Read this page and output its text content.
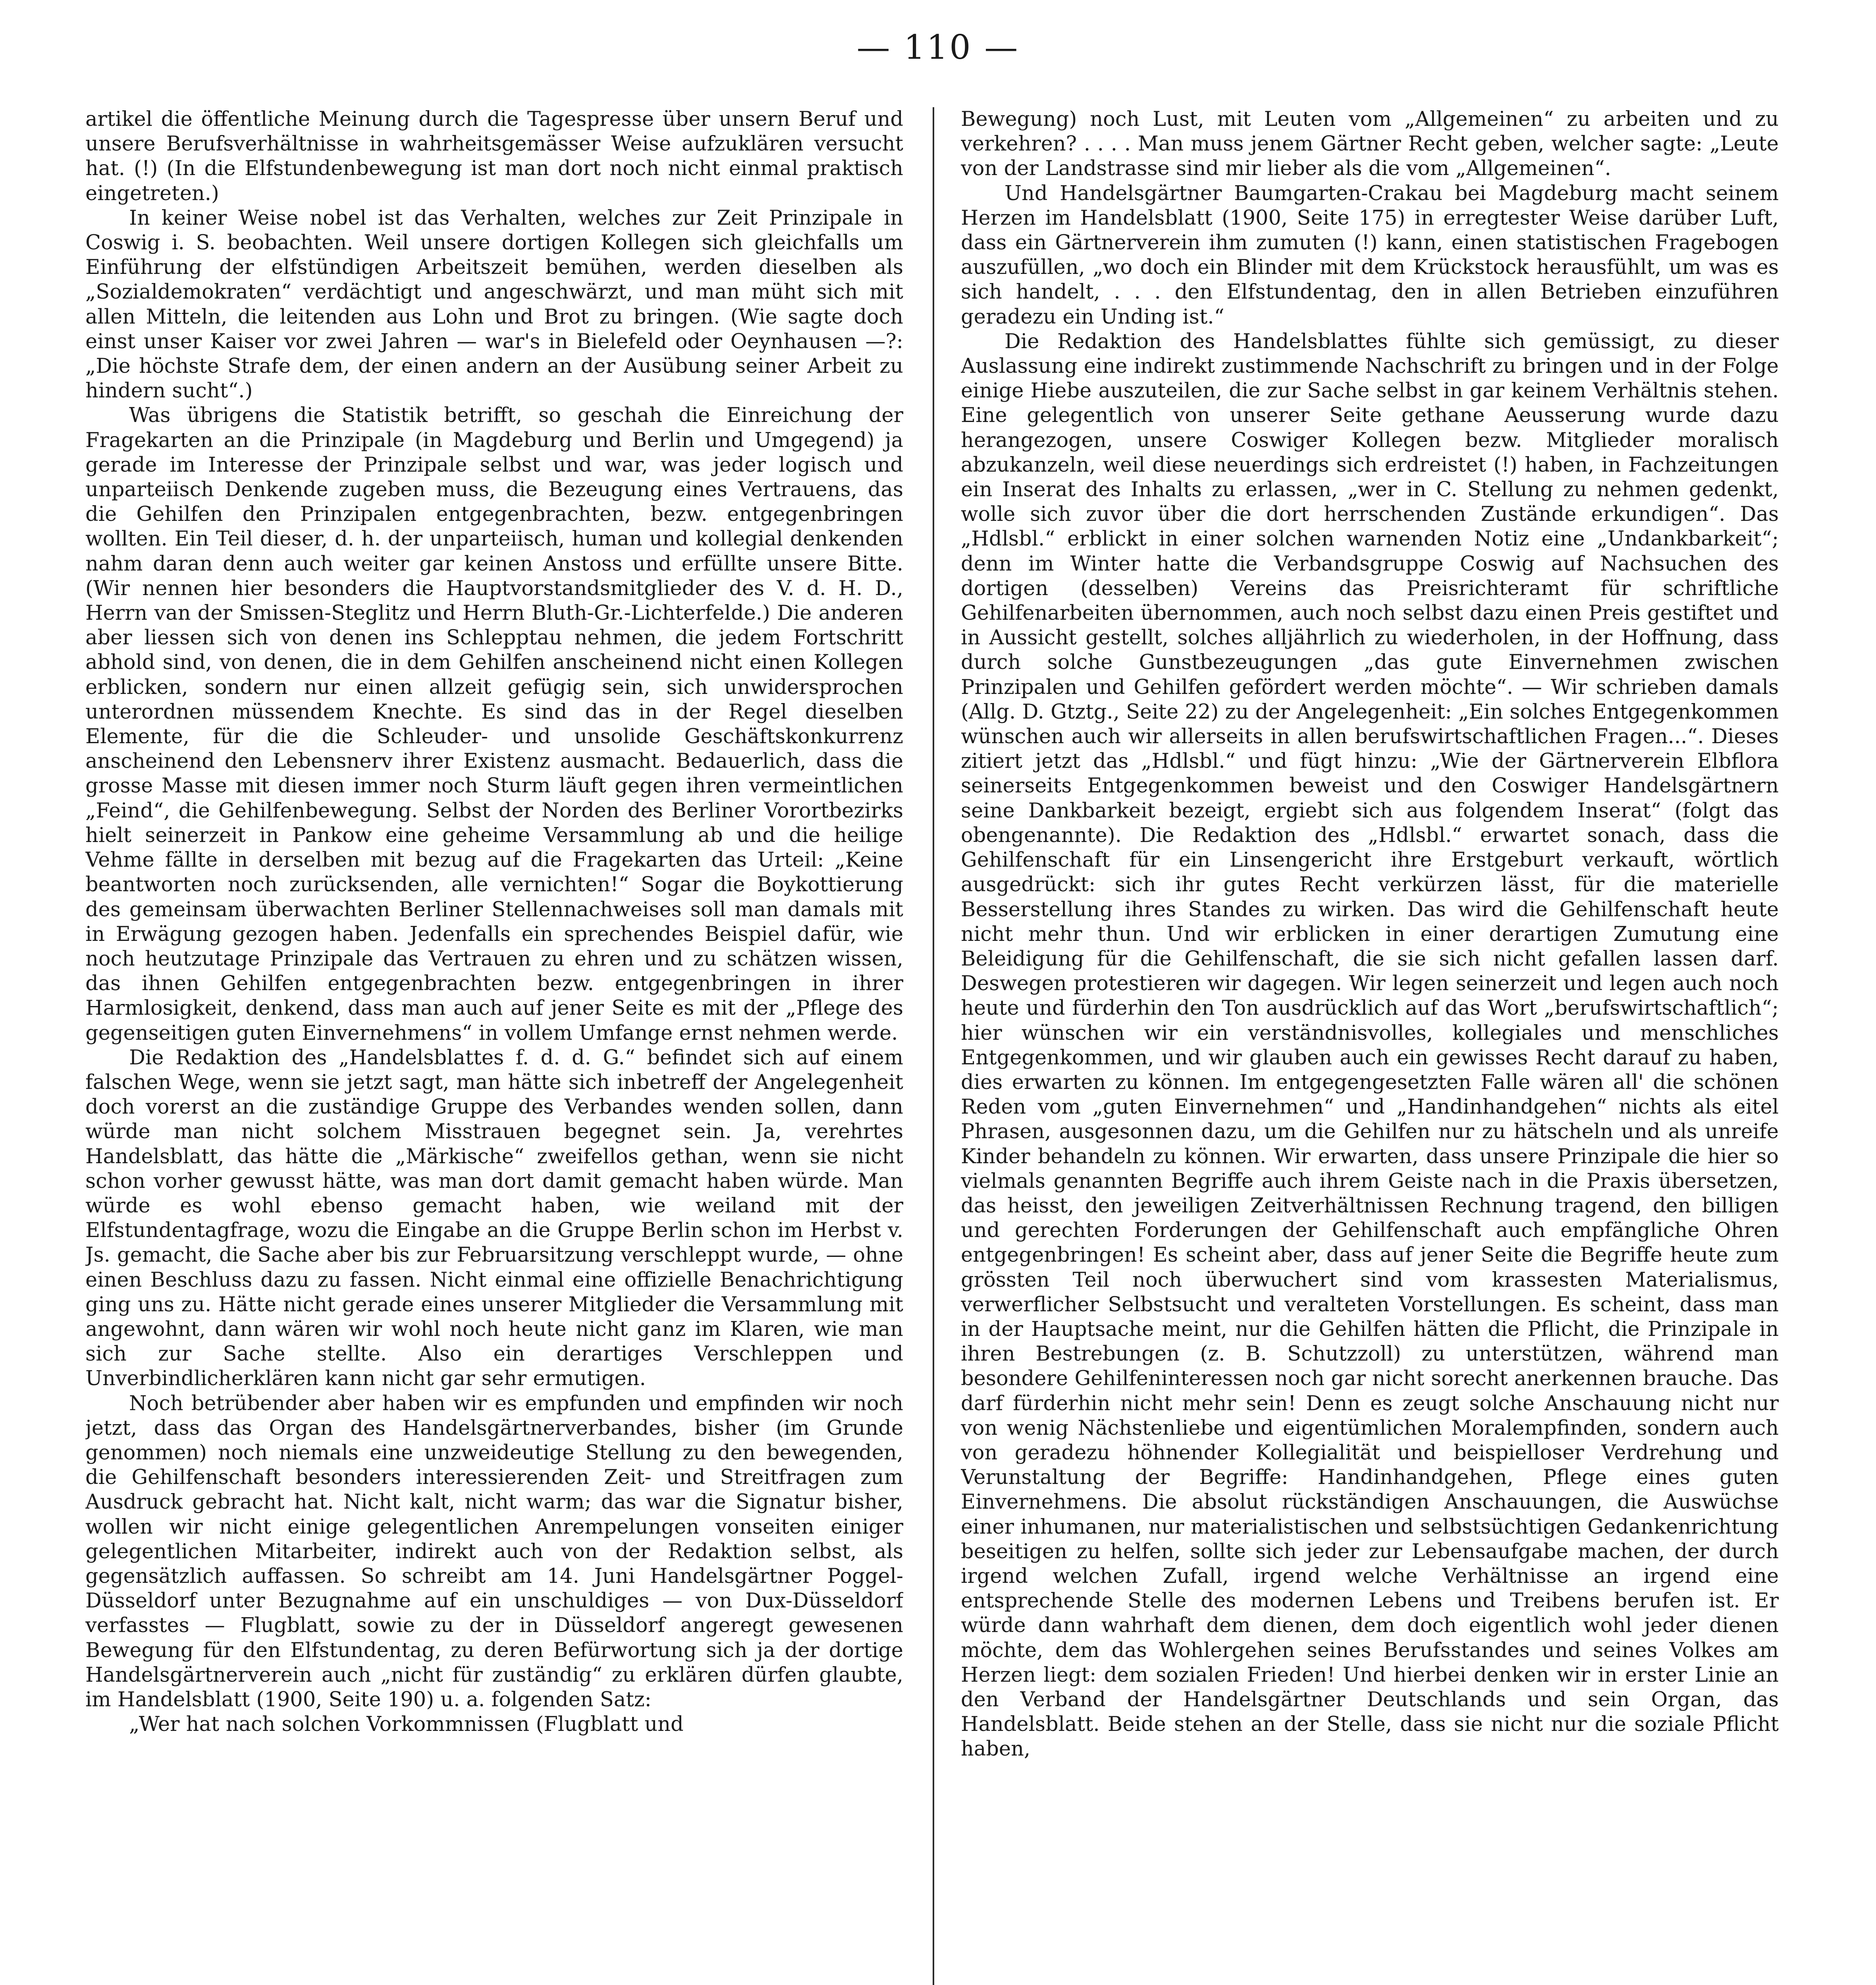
— 110 —

artikel die öffentliche Meinung durch die Tagespresse über unsern Beruf und unsere Berufsverhältnisse in wahrheitsgemässer Weise aufzuklären versucht hat. (!) (In die Elfstundenbewegung ist man dort noch nicht einmal praktisch eingetreten.)

In keiner Weise nobel ist das Verhalten, welches zur Zeit Prinzipale in Coswig i. S. beobachten. Weil unsere dortigen Kollegen sich gleichfalls um Einführung der elfstündigen Arbeitszeit bemühen, werden dieselben als „Sozialdemokraten“ verdächtigt und angeschwärzt, und man müht sich mit allen Mitteln, die leitenden aus Lohn und Brot zu bringen. (Wie sagte doch einst unser Kaiser vor zwei Jahren — war's in Bielefeld oder Oeynhausen —?: „Die höchste Strafe dem, der einen andern an der Ausübung seiner Arbeit zu hindern sucht“.)

Was übrigens die Statistik betrifft, so geschah die Einreichung der Fragekarten an die Prinzipale (in Magdeburg und Berlin und Umgegend) ja gerade im Interesse der Prinzipale selbst und war, was jeder logisch und unparteiisch Denkende zugeben muss, die Bezeugung eines Vertrauens, das die Gehilfen den Prinzipalen entgegenbrachten, bezw. entgegenbringen wollten. Ein Teil dieser, d. h. der unparteiisch, human und kollegial denkenden nahm daran denn auch weiter gar keinen Anstoss und erfüllte unsere Bitte. (Wir nennen hier besonders die Hauptvorstandsmitglieder des V. d. H. D., Herrn van der Smissen-Steglitz und Herrn Bluth-Gr.-Lichterfelde.) Die anderen aber liessen sich von denen ins Schlepptau nehmen, die jedem Fortschritt abhold sind, von denen, die in dem Gehilfen anscheinend nicht einen Kollegen erblicken, sondern nur einen allzeit gefügig sein, sich unwidersprochen unterordnen müssendem Knechte. Es sind das in der Regel dieselben Elemente, für die die Schleuder- und unsolide Geschäftskonkurrenz anscheinend den Lebensnerv ihrer Existenz ausmacht. Bedauerlich, dass die grosse Masse mit diesen immer noch Sturm läuft gegen ihren vermeintlichen „Feind“, die Gehilfenbewegung. Selbst der Norden des Berliner Vorortbezirks hielt seinerzeit in Pankow eine geheime Versammlung ab und die heilige Vehme fällte in derselben mit bezug auf die Fragekarten das Urteil: „Keine beantworten noch zurücksenden, alle vernichten!“ Sogar die Boykottierung des gemeinsam überwachten Berliner Stellennachweises soll man damals mit in Erwägung gezogen haben. Jedenfalls ein sprechendes Beispiel dafür, wie noch heutzutage Prinzipale das Vertrauen zu ehren und zu schätzen wissen, das ihnen Gehilfen entgegenbrachten bezw. entgegenbringen in ihrer Harmlosigkeit, denkend, dass man auch auf jener Seite es mit der „Pflege des gegenseitigen guten Einvernehmens“ in vollem Umfange ernst nehmen werde.

Die Redaktion des „Handelsblattes f. d. d. G.“ befindet sich auf einem falschen Wege, wenn sie jetzt sagt, man hätte sich inbetreff der Angelegenheit doch vorerst an die zuständige Gruppe des Verbandes wenden sollen, dann würde man nicht solchem Misstrauen begegnet sein. Ja, verehrtes Handelsblatt, das hätte die „Märkische“ zweifellos gethan, wenn sie nicht schon vorher gewusst hätte, was man dort damit gemacht haben würde. Man würde es wohl ebenso gemacht haben, wie weiland mit der Elfstundentagfrage, wozu die Eingabe an die Gruppe Berlin schon im Herbst v. Js. gemacht, die Sache aber bis zur Februarsitzung verschleppt wurde, — ohne einen Beschluss dazu zu fassen. Nicht einmal eine offizielle Benachrichtigung ging uns zu. Hätte nicht gerade eines unserer Mitglieder die Versammlung mit angewohnt, dann wären wir wohl noch heute nicht ganz im Klaren, wie man sich zur Sache stellte. Also ein derartiges Verschleppen und Unverbindlicherklären kann nicht gar sehr ermutigen.

Noch betrübender aber haben wir es empfunden und empfinden wir noch jetzt, dass das Organ des Handelsgärtnerverbandes, bisher (im Grunde genommen) noch niemals eine unzweideutige Stellung zu den bewegenden, die Gehilfenschaft besonders interessierenden Zeit- und Streitfragen zum Ausdruck gebracht hat. Nicht kalt, nicht warm; das war die Signatur bisher, wollen wir nicht einige gelegentlichen Anrempelungen vonseiten einiger gelegentlichen Mitarbeiter, indirekt auch von der Redaktion selbst, als gegensätzlich auffassen. So schreibt am 14. Juni Handelsgärtner Poggel-Düsseldorf unter Bezugnahme auf ein unschuldiges — von Dux-Düsseldorf verfasstes — Flugblatt, sowie zu der in Düsseldorf angeregt gewesenen Bewegung für den Elfstundentag, zu deren Befürwortung sich ja der dortige Handelsgärtnerverein auch „nicht für zuständig“ zu erklären dürfen glaubte, im Handelsblatt (1900, Seite 190) u. a. folgenden Satz:

„Wer hat nach solchen Vorkommnissen (Flugblatt und

Bewegung) noch Lust, mit Leuten vom „Allgemeinen“ zu arbeiten und zu verkehren? . . . . Man muss jenem Gärtner Recht geben, welcher sagte: „Leute von der Landstrasse sind mir lieber als die vom „Allgemeinen“.

Und Handelsgärtner Baumgarten-Crakau bei Magdeburg macht seinem Herzen im Handelsblatt (1900, Seite 175) in erregtester Weise darüber Luft, dass ein Gärtnerverein ihm zumuten (!) kann, einen statistischen Fragebogen auszufüllen, „wo doch ein Blinder mit dem Krückstock herausfühlt, um was es sich handelt, . . . den Elfstundentag, den in allen Betrieben einzuführen geradezu ein Unding ist.“

Die Redaktion des Handelsblattes fühlte sich gemüssigt, zu dieser Auslassung eine indirekt zustimmende Nachschrift zu bringen und in der Folge einige Hiebe auszuteilen, die zur Sache selbst in gar keinem Verhältnis stehen. Eine gelegentlich von unserer Seite gethane Aeusserung wurde dazu herangezogen, unsere Coswiger Kollegen bezw. Mitglieder moralisch abzukanzeln, weil diese neuerdings sich erdreistet (!) haben, in Fachzeitungen ein Inserat des Inhalts zu erlassen, „wer in C. Stellung zu nehmen gedenkt, wolle sich zuvor über die dort herrschenden Zustände erkundigen“. Das „Hdlsbl.“ erblickt in einer solchen warnenden Notiz eine „Undankbarkeit“; denn im Winter hatte die Verbandsgruppe Coswig auf Nachsuchen des dortigen (desselben) Vereins das Preisrichteramt für schriftliche Gehilfenarbeiten übernommen, auch noch selbst dazu einen Preis gestiftet und in Aussicht gestellt, solches alljährlich zu wiederholen, in der Hoffnung, dass durch solche Gunstbezeugungen „das gute Einvernehmen zwischen Prinzipalen und Gehilfen gefördert werden möchte“. — Wir schrieben damals (Allg. D. Gtztg., Seite 22) zu der Angelegenheit: „Ein solches Entgegenkommen wünschen auch wir allerseits in allen berufswirtschaftlichen Fragen...“. Dieses zitiert jetzt das „Hdlsbl.“ und fügt hinzu: „Wie der Gärtnerverein Elbflora seinerseits Entgegenkommen beweist und den Coswiger Handelsgärtnern seine Dankbarkeit bezeigt, ergiebt sich aus folgendem Inserat“ (folgt das obengenannte). Die Redaktion des „Hdlsbl.“ erwartet sonach, dass die Gehilfenschaft für ein Linsengericht ihre Erstgeburt verkauft, wörtlich ausgedrückt: sich ihr gutes Recht verkürzen lässt, für die materielle Besserstellung ihres Standes zu wirken. Das wird die Gehilfenschaft heute nicht mehr thun. Und wir erblicken in einer derartigen Zumutung eine Beleidigung für die Gehilfenschaft, die sie sich nicht gefallen lassen darf. Deswegen protestieren wir dagegen. Wir legen seinerzeit und legen auch noch heute und fürderhin den Ton ausdrücklich auf das Wort „berufswirtschaftlich“; hier wünschen wir ein verständnisvolles, kollegiales und menschliches Entgegenkommen, und wir glauben auch ein gewisses Recht darauf zu haben, dies erwarten zu können. Im entgegengesetzten Falle wären all' die schönen Reden vom „guten Einvernehmen“ und „Handinhandgehen“ nichts als eitel Phrasen, ausgesonnen dazu, um die Gehilfen nur zu hätscheln und als unreife Kinder behandeln zu können. Wir erwarten, dass unsere Prinzipale die hier so vielmals genannten Begriffe auch ihrem Geiste nach in die Praxis übersetzen, das heisst, den jeweiligen Zeitverhältnissen Rechnung tragend, den billigen und gerechten Forderungen der Gehilfenschaft auch empfängliche Ohren entgegenbringen! Es scheint aber, dass auf jener Seite die Begriffe heute zum grössten Teil noch überwuchert sind vom krassesten Materialismus, verwerflicher Selbstsucht und veralteten Vorstellungen. Es scheint, dass man in der Hauptsache meint, nur die Gehilfen hätten die Pflicht, die Prinzipale in ihren Bestrebungen (z. B. Schutzzoll) zu unterstützen, während man besondere Gehilfeninteressen noch gar nicht sorecht anerkennen brauche. Das darf fürderhin nicht mehr sein! Denn es zeugt solche Anschauung nicht nur von wenig Nächstenliebe und eigentümlichen Moralempfinden, sondern auch von geradezu höhnender Kollegialität und beispielloser Verdrehung und Verunstaltung der Begriffe: Handinhandgehen, Pflege eines guten Einvernehmens. Die absolut rückständigen Anschauungen, die Auswüchse einer inhumanen, nur materialistischen und selbstsüchtigen Gedankenrichtung beseitigen zu helfen, sollte sich jeder zur Lebensaufgabe machen, der durch irgend welchen Zufall, irgend welche Verhältnisse an irgend eine entsprechende Stelle des modernen Lebens und Treibens berufen ist. Er würde dann wahrhaft dem dienen, dem doch eigentlich wohl jeder dienen möchte, dem das Wohlergehen seines Berufsstandes und seines Volkes am Herzen liegt: dem sozialen Frieden! Und hierbei denken wir in erster Linie an den Verband der Handelsgärtner Deutschlands und sein Organ, das Handelsblatt. Beide stehen an der Stelle, dass sie nicht nur die soziale Pflicht haben,
